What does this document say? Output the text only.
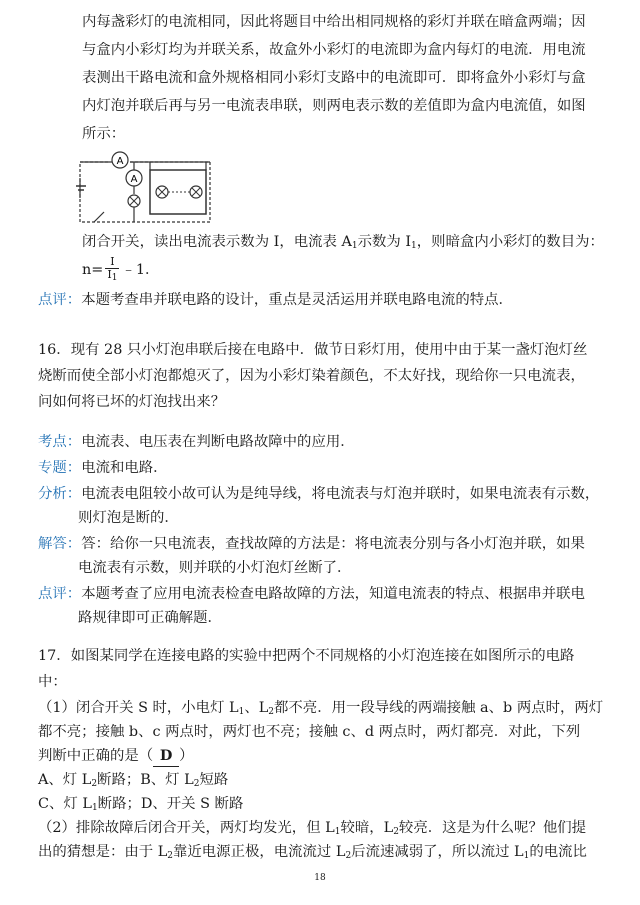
内每盏彩灯的电流相同，因此将题目中给出相同规格的彩灯并联在暗盒两端；因
与盒内小彩灯均为并联关系，故盒外小彩灯的电流即为盒内每灯的电流．用电流
表测出干路电流和盒外规格相同小彩灯支路中的电流即可．即将盒外小彩灯与盒
内灯泡并联后再与另一电流表串联，则两电表示数的差值即为盒内电流值，如图
所示：
A
A
闭合开关，读出电流表示数为 I，电流表 $A_1$示数为 $I_1$，则暗盒内小彩灯的数目为：
$n= \frac{I}{I_1}$ ﹣1．
点评：本题考查串并联电路的设计，重点是灵活运用并联电路电流的特点．
16．现有 28 只小灯泡串联后接在电路中．做节日彩灯用，使用中由于某一盏灯泡灯丝
烧断而使全部小灯泡都熄灭了，因为小彩灯染着颜色，不太好找，现给你一只电流表，
问如何将已坏的灯泡找出来？
考点：电流表、电压表在判断电路故障中的应用．
专题：电流和电路．
分析：电流表电阻较小故可认为是纯导线，将电流表与灯泡并联时，如果电流表有示数，
则灯泡是断的．
解答：答：给你一只电流表，查找故障的方法是：将电流表分别与各小灯泡并联，如果
电流表有示数，则并联的小灯泡灯丝断了．
点评：本题考查了应用电流表检查电路故障的方法，知道电流表的特点、根据串并联电
路规律即可正确解题．
17．如图某同学在连接电路的实验中把两个不同规格的小灯泡连接在如图所示的电路
中：
（1）闭合开关 S 时，小电灯 $L_1$、$L_2$都不亮．用一段导线的两端接触 a、b 两点时，两灯
都不亮；接触 b、c 两点时，两灯也不亮；接触 c、d 两点时，两灯都亮．对此，下列
判断中正确的是（ D ）
A、灯 $L_2$断路；B、灯 $L_2$短路
C、灯 $L_1$断路；D、开关 S 断路
（2）排除故障后闭合开关，两灯均发光，但 $L_1$较暗，$L_2$较亮．这是为什么呢？他们提
出的猜想是：由于 $L_2$靠近电源正极，电流流过 $L_2$后流速减弱了，所以流过 $L_1$的电流比
18
